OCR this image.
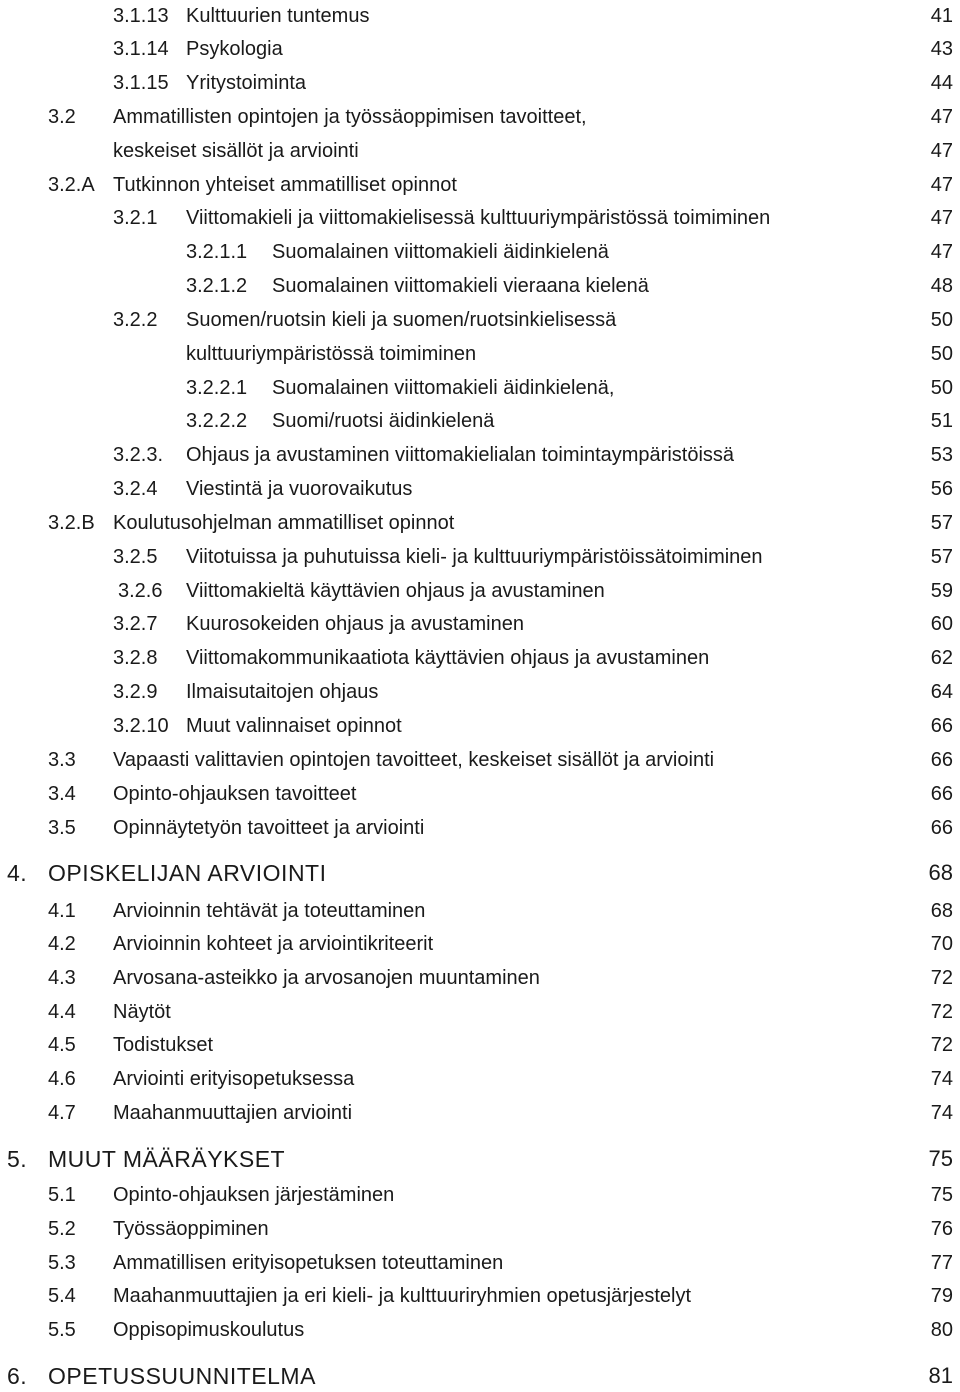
3.1.13 Kulttuurien tuntemus	41
3.1.14 Psykologia	43
3.1.15 Yritystoiminta	44
3.2 Ammatillisten opintojen ja työssäoppimisen tavoitteet,	47
keskeiset sisällöt ja arviointi	47
3.2.A Tutkinnon yhteiset ammatilliset opinnot	47
3.2.1 Viittomakieli ja viittomakielisessä kulttuuriympäristössä toimiminen	47
3.2.1.1 Suomalainen viittomakieli äidinkielenä	47
3.2.1.2 Suomalainen viittomakieli vieraana kielenä	48
3.2.2 Suomen/ruotsin kieli ja suomen/ruotsinkielisessä	50
kulttuuriympäristössä toimiminen	50
3.2.2.1 Suomalainen viittomakieli äidinkielenä,	50
3.2.2.2 Suomi/ruotsi äidinkielenä	51
3.2.3. Ohjaus ja avustaminen viittomakielialan toimintaympäristöissä	53
3.2.4 Viestintä ja vuorovaikutus	56
3.2.B Koulutusohjelman ammatilliset opinnot	57
3.2.5 Viitotuissa ja puhutuissa kieli- ja kulttuuriympäristöissätoimiminen	57
3.2.6 Viittomakieltä käyttävien ohjaus ja avustaminen	59
3.2.7 Kuurosokeiden ohjaus ja avustaminen	60
3.2.8 Viittomakommunikaatiota käyttävien ohjaus ja avustaminen	62
3.2.9 Ilmaisutaitojen ohjaus	64
3.2.10 Muut valinnaiset opinnot	66
3.3 Vapaasti valittavien opintojen tavoitteet, keskeiset sisällöt ja arviointi	66
3.4 Opinto-ohjauksen tavoitteet	66
3.5 Opinnäytetyön tavoitteet ja arviointi	66
4. OPISKELIJAN ARVIOINTI	68
4.1 Arvioinnin tehtävät ja toteuttaminen	68
4.2 Arvioinnin kohteet ja arviointikriteerit	70
4.3 Arvosana-asteikko ja arvosanojen muuntaminen	72
4.4 Näytöt	72
4.5 Todistukset	72
4.6 Arviointi erityisopetuksessa	74
4.7 Maahanmuuttajien arviointi	74
5. MUUT MÄÄRÄYKSET	75
5.1 Opinto-ohjauksen järjestäminen	75
5.2 Työssäoppiminen	76
5.3 Ammatillisen erityisopetuksen toteuttaminen	77
5.4 Maahanmuuttajien ja eri kieli- ja kulttuuriryhmien opetusjärjestelyt	79
5.5 Oppisopimuskoulutus	80
6. OPETUSSUUNNITELMA	81
